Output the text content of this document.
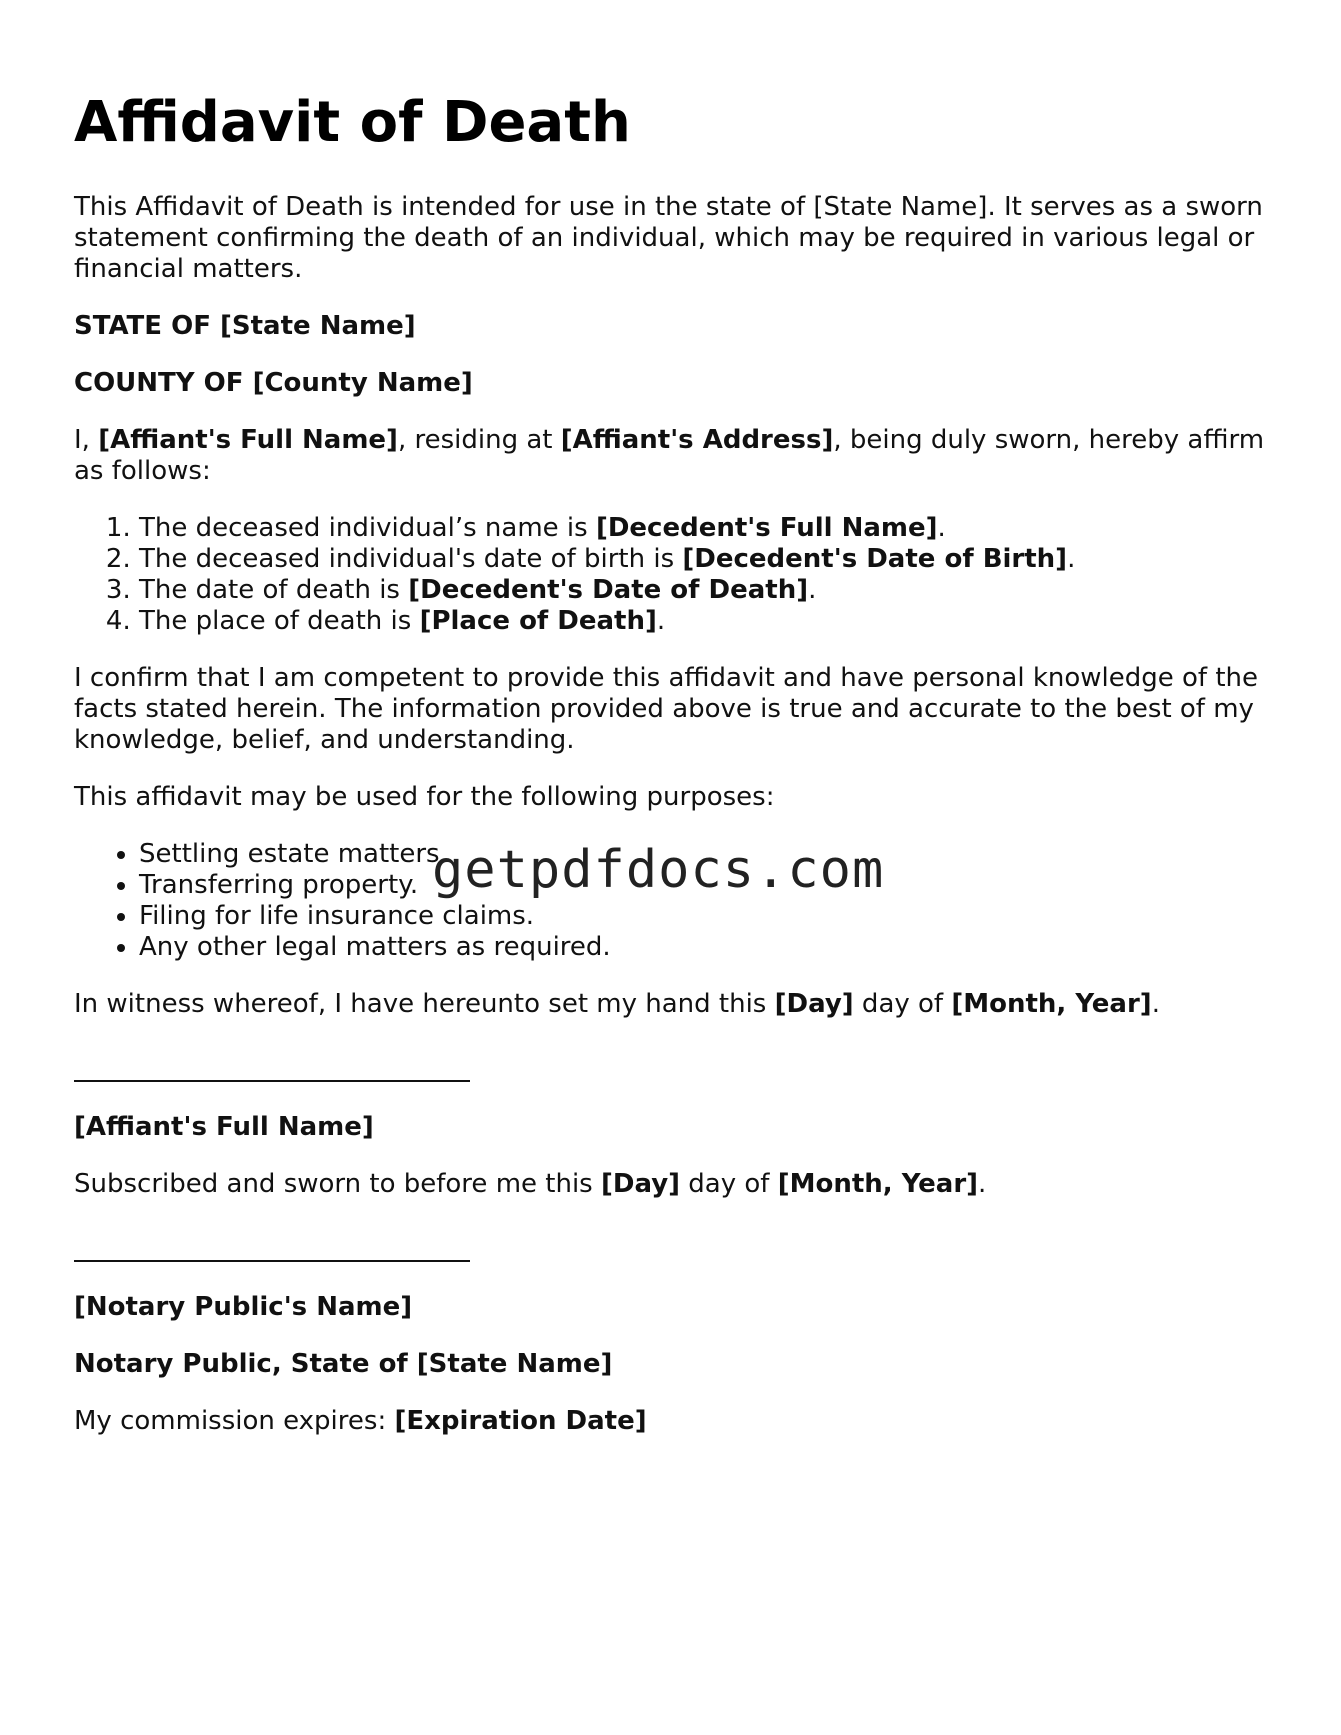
Affidavit of Death

This Affidavit of Death is intended for use in the state of [State Name]. It serves as a sworn statement confirming the death of an individual, which may be required in various legal or financial matters.

STATE OF [State Name]

COUNTY OF [County Name]

I, [Affiant's Full Name], residing at [Affiant's Address], being duly sworn, hereby affirm as follows:

1. The deceased individual’s name is [Decedent's Full Name].
2. The deceased individual's date of birth is [Decedent's Date of Birth].
3. The date of death is [Decedent's Date of Death].
4. The place of death is [Place of Death].

I confirm that I am competent to provide this affidavit and have personal knowledge of the facts stated herein. The information provided above is true and accurate to the best of my knowledge, belief, and understanding.

This affidavit may be used for the following purposes:

• Settling estate matters.
• Transferring property.
• Filing for life insurance claims.
• Any other legal matters as required.

In witness whereof, I have hereunto set my hand this [Day] day of [Month, Year].

[Affiant's Full Name]

Subscribed and sworn to before me this [Day] day of [Month, Year].

[Notary Public's Name]

Notary Public, State of [State Name]

My commission expires: [Expiration Date]

getpdfdocs.com
